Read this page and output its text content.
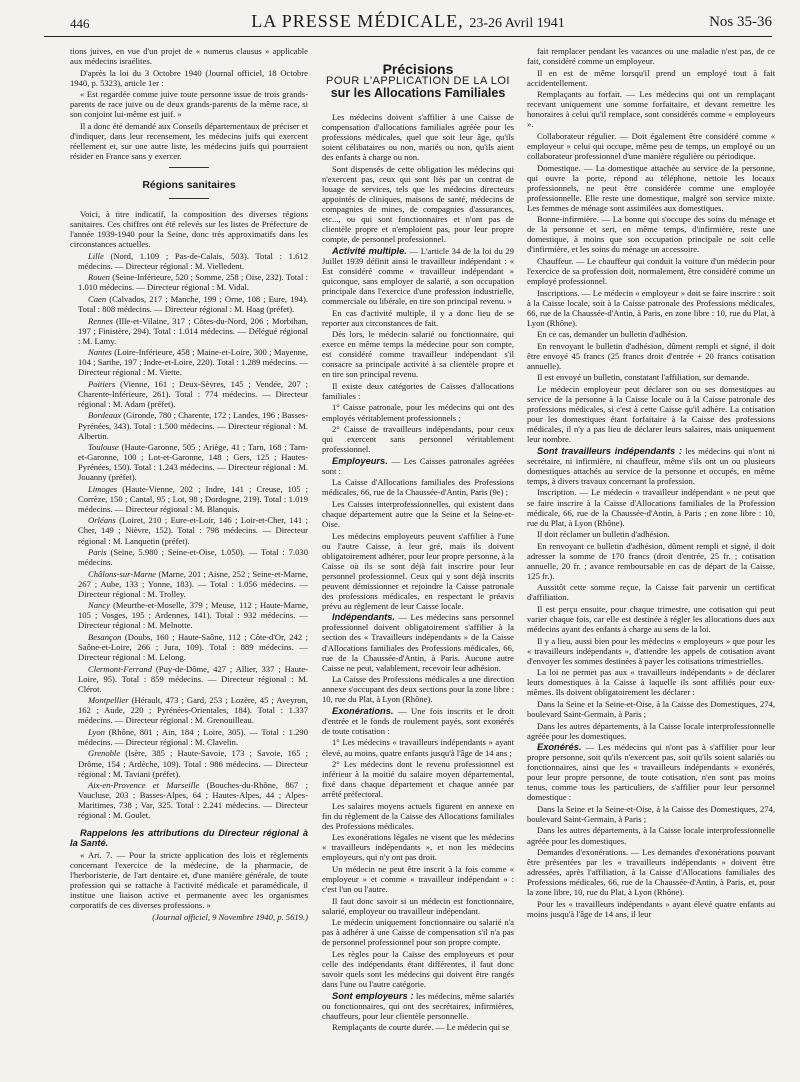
446	LA PRESSE MÉDICALE, 23-26 Avril 1941	Nos 35-36

tions juives, en vue d'un projet de « numerus clausus » applicable aux médecins israélites.

D'après la loi du 3 Octobre 1940 (Journal officiel, 18 Octobre 1940, p. 5323), article 1er :

« Est regardée comme juive toute personne issue de trois grands-parents de race juive ou de deux grands-parents de la même race, si son conjoint lui-même est juif. »

Il a donc été demandé aux Conseils départementaux de préciser et d'indiquer, dans leur recensement, les médecins juifs qui exercent réellement et, sur une autre liste, les médecins juifs qui pourraient résider en France sans y exercer.

Régions sanitaires

Voici, à titre indicatif, la composition des diverses régions sanitaires. Ces chiffres ont été relevés sur les listes de Préfecture de l'année 1939-1940 pour la Seine, donc très approximatifs dans les circonstances actuelles.

Lille (Nord, 1.109 ; Pas-de-Calais, 503). Total : 1.612 médecins. — Directeur régional : M. Vielledent.

Rouen (Seine-Inférieure, 520 ; Somme, 258 ; Oise, 232). Total : 1.010 médecins. — Directeur régional : M. Vidal.

Caen (Calvados, 217 ; Manche, 199 ; Orne, 108 ; Eure, 194). Total : 808 médecins. — Directeur régional : M. Haag (préfet).

Rennes (Ille-et-Vilaine, 317 ; Côtes-du-Nord, 206 ; Morbihan, 197 ; Finistère, 294). Total : 1.014 médecins. — Délégué régional : M. Lamy.

Nantes (Loire-Inférieure, 458 ; Maine-et-Loire, 300 ; Mayenne, 104 ; Sarthe, 197 ; Indre-et-Loire, 220). Total : 1.289 médecins. — Directeur régional : M. Viette.

Poitiers (Vienne, 161 ; Deux-Sèvres, 145 ; Vendée, 207 ; Charente-Inférieure, 261). Total : 774 médecins. — Directeur régional : M. Adam (préfet).

Bordeaux (Gironde, 780 ; Charente, 172 ; Landes, 196 ; Basses-Pyrénées, 343). Total : 1.500 médecins. — Directeur régional : M. Albertin.

Toulouse (Haute-Garonne, 505 ; Ariège, 41 ; Tarn, 168 ; Tarn-et-Garonne, 100 ; Lot-et-Garonne, 148 ; Gers, 125 ; Hautes-Pyrénées, 150). Total : 1.243 médecins. — Directeur régional : M. Jouanny (préfet).

Limoges (Haute-Vienne, 202 ; Indre, 141 ; Creuse, 105 ; Corrèze, 150 ; Cantal, 95 ; Lot, 98 ; Dordogne, 219). Total : 1.019 médecins. — Directeur régional : M. Blanquis.

Orléans (Loiret, 210 ; Eure-et-Loir, 146 ; Loir-et-Cher, 141 ; Cher, 149 ; Nièvre, 152). Total : 798 médecins. — Directeur régional : M. Lanquetin (préfet).

Paris (Seine, 5.980 ; Seine-et-Oise, 1.050). — Total : 7.030 médecins.

Châlons-sur-Marne (Marne, 201 ; Aisne, 252 ; Seine-et-Marne, 267 ; Aube, 133 ; Yonne, 183). — Total : 1.056 médecins. — Directeur régional : M. Trolley.

Nancy (Meurthe-et-Moselle, 379 ; Meuse, 112 ; Haute-Marne, 105 ; Vosges, 195 ; Ardennes, 141). Total : 932 médecins. — Directeur régional : M. Melnotte.

Besançon (Doubs, 160 ; Haute-Saône, 112 ; Côte-d'Or, 242 ; Saône-et-Loire, 266 ; Jura, 109). Total : 889 médecins. — Directeur régional : M. Lelong.

Clermont-Ferrand (Puy-de-Dôme, 427 ; Allier, 337 ; Haute-Loire, 95). Total : 859 médecins. — Directeur régional : M. Clérot.

Montpellier (Hérault, 473 ; Gard, 253 ; Lozère, 45 ; Aveyron, 162 ; Aude, 220 ; Pyrénées-Orientales, 184). Total : 1.337 médecins. — Directeur régional : M. Grenouilleau.

Lyon (Rhône, 801 ; Ain, 184 ; Loire, 305). — Total : 1.290 médecins. — Directeur régional : M. Clavelin.

Grenoble (Isère, 385 ; Haute-Savoie, 173 ; Savoie, 165 ; Drôme, 154 ; Ardèche, 109). Total : 986 médecins. — Directeur régional : M. Taviani (préfet).

Aix-en-Provence et Marseille (Bouches-du-Rhône, 867 ; Vaucluse, 203 ; Basses-Alpes, 64 ; Hautes-Alpes, 44 ; Alpes-Maritimes, 738 ; Var, 325. Total : 2.241 médecins. — Directeur régional : M. Goulet.

Rappelons les attributions du Directeur régional à la Santé.

« Art. 7. — Pour la stricte application des lois et règlements concernant l'exercice de la médecine, de la pharmacie, de l'herboristerie, de l'art dentaire et, d'une manière générale, de toute profession qui se rattache à l'activité médicale et paramédicale, il institue une liaison active et permanente avec les organismes corporatifs de ces diverses professions. »

(Journal officiel, 9 Novembre 1940, p. 5619.)

Précisions
POUR L'APPLICATION DE LA LOI
sur les Allocations Familiales

Les médecins doivent s'affilier à une Caisse de compensation d'allocations familiales agréée pour les professions médicales, quel que soit leur âge, qu'ils soient célibataires ou non, mariés ou non, qu'ils aient des enfants à charge ou non.

Sont dispensés de cette obligation les médecins qui n'exercent pas, ceux qui sont liés par un contrat de louage de services, tels que les médecins directeurs appointés de cliniques, maisons de santé, médecins de compagnies de mines, de compagnies d'assurances, etc..., ou qui sont fonctionnaires et n'ont pas de clientèle propre et n'emploient pas, pour leur propre compte, de personnel professionnel.

Activité multiple. — L'article 34 de la loi du 29 Juillet 1939 définit ainsi le travailleur indépendant : « Est considéré comme « travailleur indépendant » quiconque, sans employer de salarié, a son occupation principale dans l'exercice d'une profession industrielle, commerciale ou libérale, en tire son principal revenu. »

En cas d'activité multiple, il y a donc lieu de se reporter aux circonstances de fait.

Dès lors, le médecin salarié ou fonctionnaire, qui exerce en même temps la médecine pour son compte, est considéré comme travailleur indépendant s'il consacre sa principale activité à sa clientèle propre et en tire son principal revenu.

Il existe deux catégories de Caisses d'allocations familiales :

1° Caisse patronale, pour les médecins qui ont des employés véritablement professionnels ;

2° Caisse de travailleurs indépendants, pour ceux qui exercent sans personnel véritablement professionnel.

Employeurs. — Les Caisses patronales agréées sont :

La Caisse d'Allocations familiales des Professions médicales, 66, rue de la Chaussée-d'Antin, Paris (9e) ;

Les Caisses interprofessionnelles, qui existent dans chaque département autre que la Seine et la Seine-et-Oise.

Les médecins employeurs peuvent s'affilier à l'une ou l'autre Caisse, à leur gré, mais ils doivent obligatoirement adhérer, pour leur propre personne, à la Caisse où ils se sont déjà fait inscrire pour leur personnel professionnel. Ceux qui y sont déjà inscrits peuvent démissionner et rejoindre la Caisse patronale des professions médicales, en respectant le préavis prévu au règlement de leur Caisse locale.

Indépendants. — Les médecins sans personnel professionnel doivent obligatoirement s'affilier à la section des « Travailleurs indépendants » de la Caisse d'Allocations familiales des Professions médicales, 66, rue de la Chaussée-d'Antin, à Paris. Aucune autre Caisse ne peut, valablement, recevoir leur adhésion.

La Caisse des Professions médicales a une direction annexe s'occupant des deux sections pour la zone libre : 10, rue du Plat, à Lyon (Rhône).

Exonérations. — Une fois inscrits et le droit d'entrée et le fonds de roulement payés, sont exonérés de toute cotisation :

1° Les médecins « travailleurs indépendants » ayant élevé, au moins, quatre enfants jusqu'à l'âge de 14 ans ;

2° Les médecins dont le revenu professionnel est inférieur à la moitié du salaire moyen départemental, fixé dans chaque département et chaque année par arrêté préfectoral.

Les salaires moyens actuels figurent en annexe en fin du règlement de la Caisse des Allocations familiales des Professions médicales.

Les exonérations légales ne visent que les médecins « travailleurs indépendants », et non les médecins employeurs, qui n'y ont pas droit.

Un médecin ne peut être inscrit à la fois comme « employeur » et comme « travailleur indépendant » : c'est l'un ou l'autre.

Il faut donc savoir si un médecin est fonctionnaire, salarié, employeur ou travailleur indépendant.

Le médecin uniquement fonctionnaire ou salarié n'a pas à adhérer à une Caisse de compensation s'il n'a pas de personnel professionnel pour son propre compte.

Les règles pour la Caisse des employeurs et pour celle des indépendants étant différentes, il faut donc savoir quels sont les médecins qui doivent être rangés dans l'une ou l'autre catégorie.

Sont employeurs : les médecins, même salariés ou fonctionnaires, qui ont des secrétaires, infirmières, chauffeurs, pour leur clientèle personnelle.

Remplaçants de courte durée. — Le médecin qui se

fait remplacer pendant les vacances ou une maladie n'est pas, de ce fait, considéré comme un employeur.

Il en est de même lorsqu'il prend un employé tout à fait accidentellement.

Remplaçants au forfait. — Les médecins qui ont un remplaçant recevant uniquement une somme forfaitaire, et devant remettre les honoraires à celui qu'il remplace, sont considérés comme « employeurs ».

Collaborateur régulier. — Doit également être considéré comme « employeur » celui qui occupe, même peu de temps, un employé ou un collaborateur professionnel d'une manière régulière ou périodique.

Domestique. — La domestique attachée au service de la personne, qui ouvre la porte, répond au téléphone, nettoie les locaux professionnels, ne peut être considérée comme une employée professionnelle. Elle reste une domestique, malgré son service mixte. Les femmes de ménage sont assimilées aux domestiques.

Bonne-infirmière. — La bonne qui s'occupe des soins du ménage et de la personne et sert, en même temps, d'infirmière, reste une domestique, à moins que son occupation principale ne soit celle d'infirmière, et les soins du ménage un accessoire.

Chauffeur. — Le chauffeur qui conduit la voiture d'un médecin pour l'exercice de sa profession doit, normalement, être considéré comme un employé professionnel.

Inscriptions. — Le médecin « employeur » doit se faire inscrire : soit à la Caisse locale, soit à la Caisse patronale des Professions médicales, 66, rue de la Chaussée-d'Antin, à Paris, en zone libre : 10, rue du Plat, à Lyon (Rhône).

En ce cas, demander un bulletin d'adhésion.

En renvoyant le bulletin d'adhésion, dûment rempli et signé, il doit être envoyé 45 francs (25 francs droit d'entrée + 20 francs cotisation annuelle).

Il est envoyé un bulletin, constatant l'affiliation, sur demande.

Le médecin employeur peut déclarer son ou ses domestiques au service de la personne à la Caisse locale ou à la Caisse patronale des professions médicales, si c'est à cette Caisse qu'il adhère. La cotisation pour les domestiques étant forfaitaire à la Caisse des professions médicales, il n'y a pas lieu de déclarer leurs salaires, mais uniquement leur nombre.

Sont travailleurs indépendants : les médecins qui n'ont ni secrétaire, ni infirmière, ni chauffeur, même s'ils ont un ou plusieurs domestiques attachés au service de la personne et occupés, en même temps, à divers travaux concernant la profession.

Inscription. — Le médecin « travailleur indépendant » ne peut que se faire inscrire à la Caisse d'Allocations familiales de la Profession médicale, 66, rue de la Chaussée-d'Antin, à Paris ; en zone libre : 10, rue du Plat, à Lyon (Rhône).

Il doit réclamer un bulletin d'adhésion.

En renvoyant ce bulletin d'adhésion, dûment rempli et signé, il doit adresser la somme de 170 francs (droit d'entrée, 25 fr. ; cotisation annuelle, 20 fr. ; avance remboursable en cas de départ de la Caisse, 125 fr.).

Aussitôt cette somme reçue, la Caisse fait parvenir un certificat d'affiliation.

Il est perçu ensuite, pour chaque trimestre, une cotisation qui peut varier chaque fois, car elle est destinée à régler les allocations dues aux médecins ayant des enfants à charge au sens de la loi.

Il y a lieu, aussi bien pour les médecins « employeurs » que pour les « travailleurs indépendants », d'attendre les appels de cotisation avant d'envoyer les sommes destinées à payer les cotisations trimestrielles.

La loi ne permet pas aux « travailleurs indépendants » de déclarer leurs domestiques à la Caisse à laquelle ils sont affiliés pour eux-mêmes. Ils doivent obligatoirement les déclarer :

Dans la Seine et la Seine-et-Oise, à la Caisse des Domestiques, 274, boulevard Saint-Germain, à Paris ;

Dans les autres départements, à la Caisse locale interprofessionnelle agréée pour les domestiques.

Exonérés. — Les médecins qui n'ont pas à s'affilier pour leur propre personne, soit qu'ils n'exercent pas, soit qu'ils soient salariés ou fonctionnaires, ainsi que les « travailleurs indépendants » exonérés, pour leur propre personne, de toute cotisation, n'en sont pas moins tenus, comme tous les particuliers, de s'affilier pour leur personnel domestique :

Dans la Seine et la Seine-et-Oise, à la Caisse des Domestiques, 274, boulevard Saint-Germain, à Paris ;

Dans les autres départements, à la Caisse locale interprofessionnelle agréée pour les domestiques.

Demandes d'exonérations. — Les demandes d'exonérations pouvant être présentées par les « travailleurs indépendants » doivent être adressées, après l'affiliation, à la Caisse d'Allocations familiales des Professions médicales, 66, rue de la Chaussée-d'Antin, à Paris, et, pour la zone libre, 10, rue du Plat, à Lyon (Rhône).

Pour les « travailleurs indépendants » ayant élevé quatre enfants au moins jusqu'à l'âge de 14 ans, il leur
